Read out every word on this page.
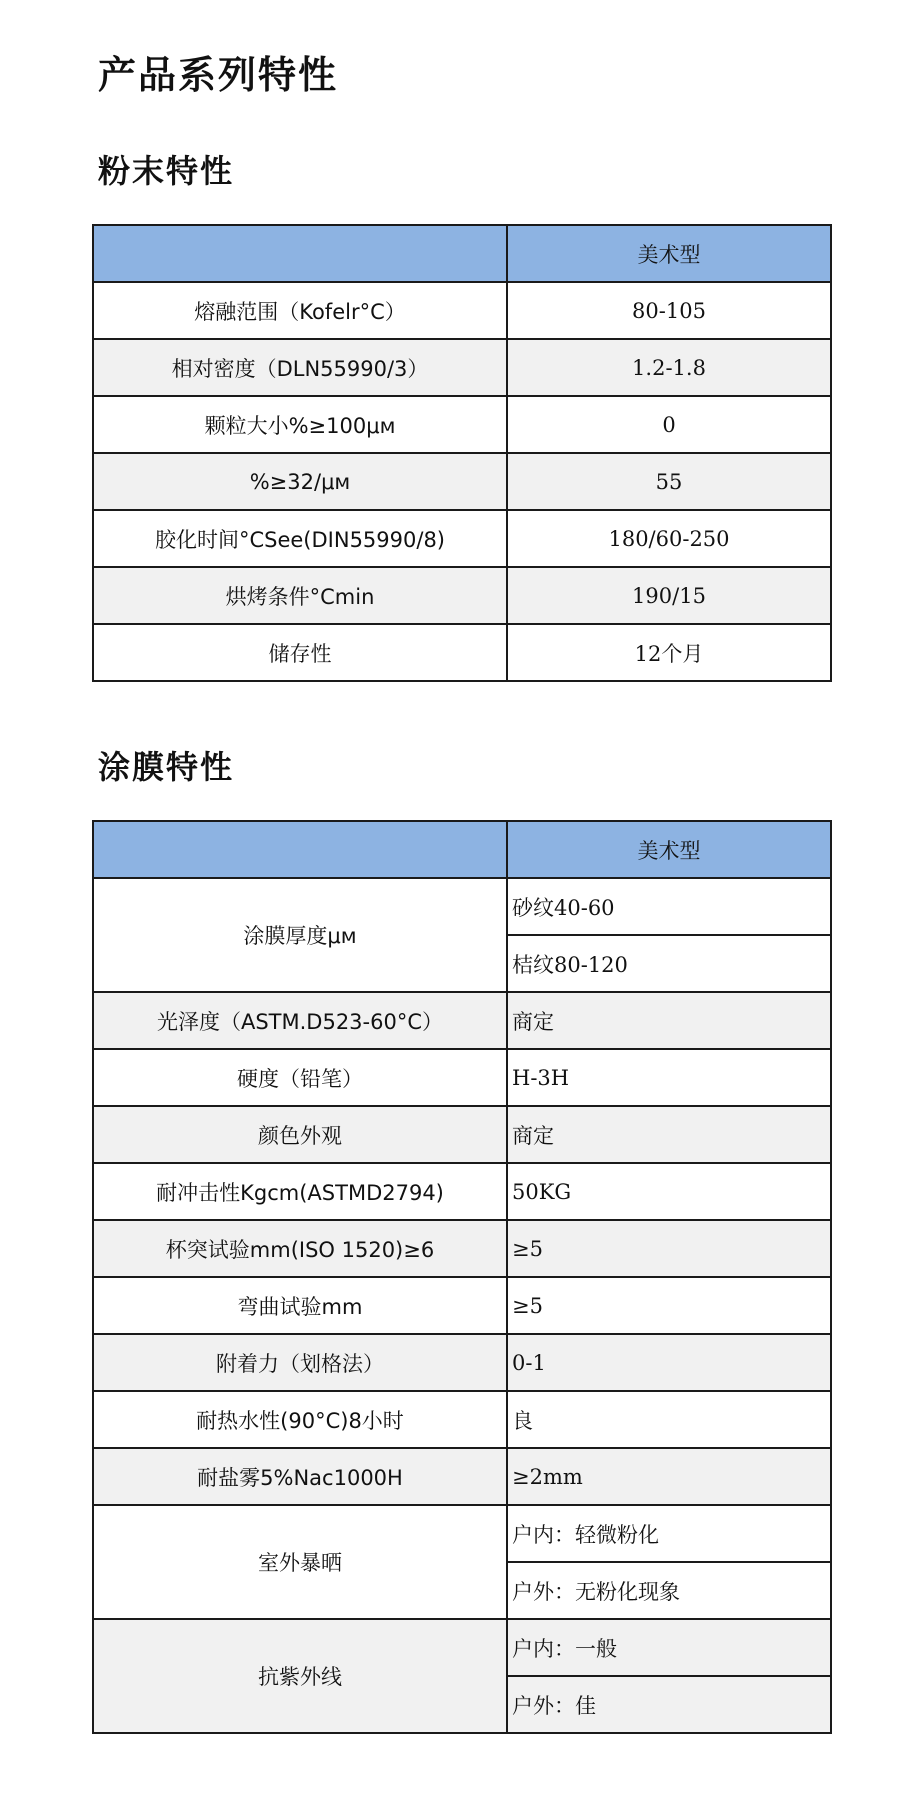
产品系列特性
粉末特性
	美术型
熔融范围（Kofelr°C）	80-105
相对密度（DLN55990/3）	1.2-1.8
颗粒大小%≥100μм	0
%≥32/μм	55
胶化时间°CSee(DIN55990/8)	180/60-250
烘烤条件°Cmin	190/15
储存性	12个月
涂膜特性
	美术型
涂膜厚度μм	砂纹40-60
	桔纹80-120
光泽度（ASTM.D523-60°C）	商定
硬度（铅笔）	H-3H
颜色外观	商定
耐冲击性Kgcm(ASTMD2794)	50KG
杯突试验mm(ISO 1520)≥6	≥5
弯曲试验mm	≥5
附着力（划格法）	0-1
耐热水性(90°C)8小时	良
耐盐雾5%Nac1000H	≥2mm
室外暴晒	户内：轻微粉化
	户外：无粉化现象
抗紫外线	户内：一般
	户外：佳
